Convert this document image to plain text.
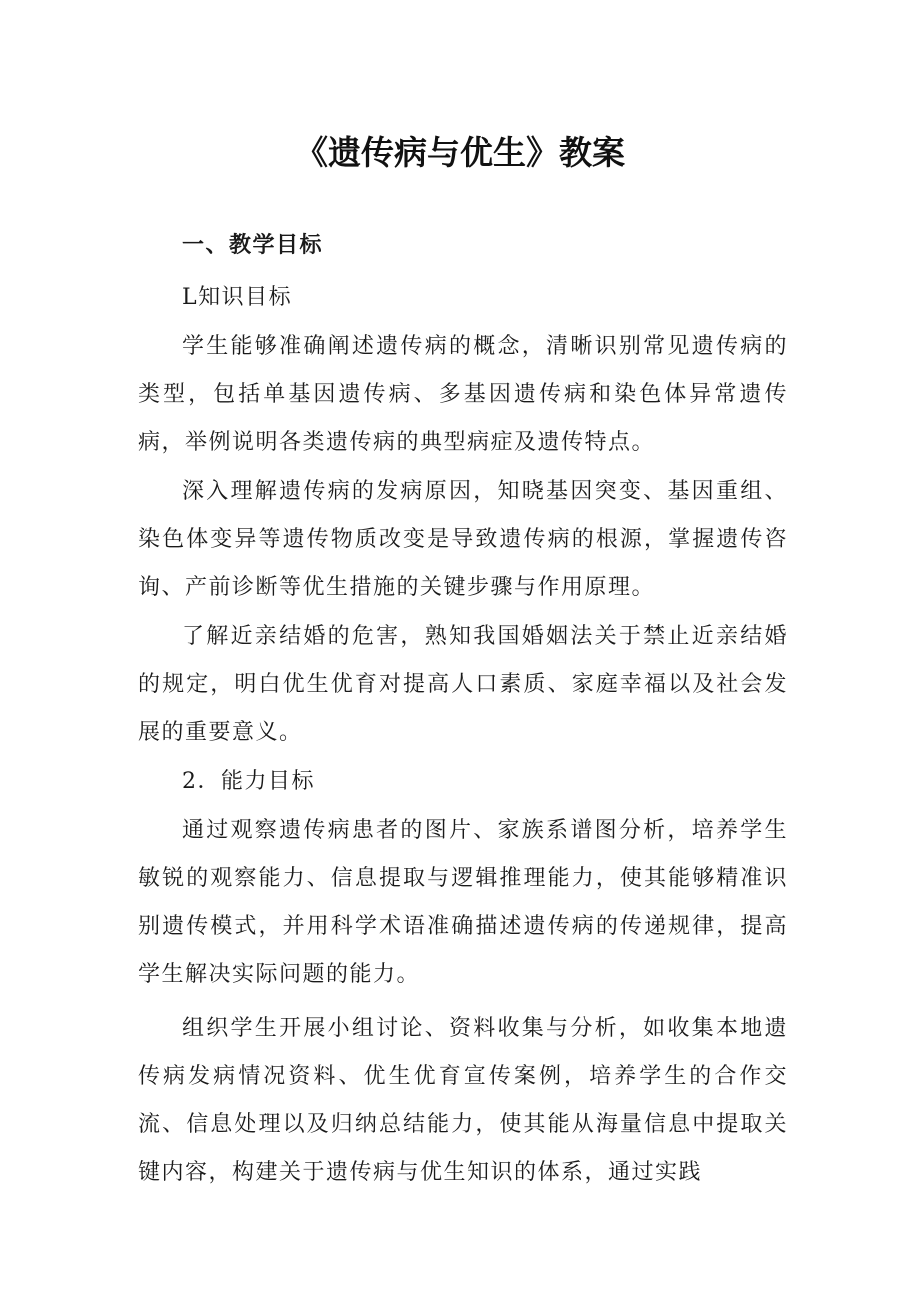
《遗传病与优生》教案
一、教学目标
L知识目标

学生能够准确阐述遗传病的概念，清晰识别常见遗传病的类型，包括单基因遗传病、多基因遗传病和染色体异常遗传病，举例说明各类遗传病的典型病症及遗传特点。

深入理解遗传病的发病原因，知晓基因突变、基因重组、染色体变异等遗传物质改变是导致遗传病的根源，掌握遗传咨询、产前诊断等优生措施的关键步骤与作用原理。

了解近亲结婚的危害，熟知我国婚姻法关于禁止近亲结婚的规定，明白优生优育对提高人口素质、家庭幸福以及社会发展的重要意义。

2．能力目标

通过观察遗传病患者的图片、家族系谱图分析，培养学生敏锐的观察能力、信息提取与逻辑推理能力，使其能够精准识别遗传模式，并用科学术语准确描述遗传病的传递规律，提高学生解决实际问题的能力。

组织学生开展小组讨论、资料收集与分析，如收集本地遗传病发病情况资料、优生优育宣传案例，培养学生的合作交流、信息处理以及归纳总结能力，使其能从海量信息中提取关键内容，构建关于遗传病与优生知识的体系，通过实践
